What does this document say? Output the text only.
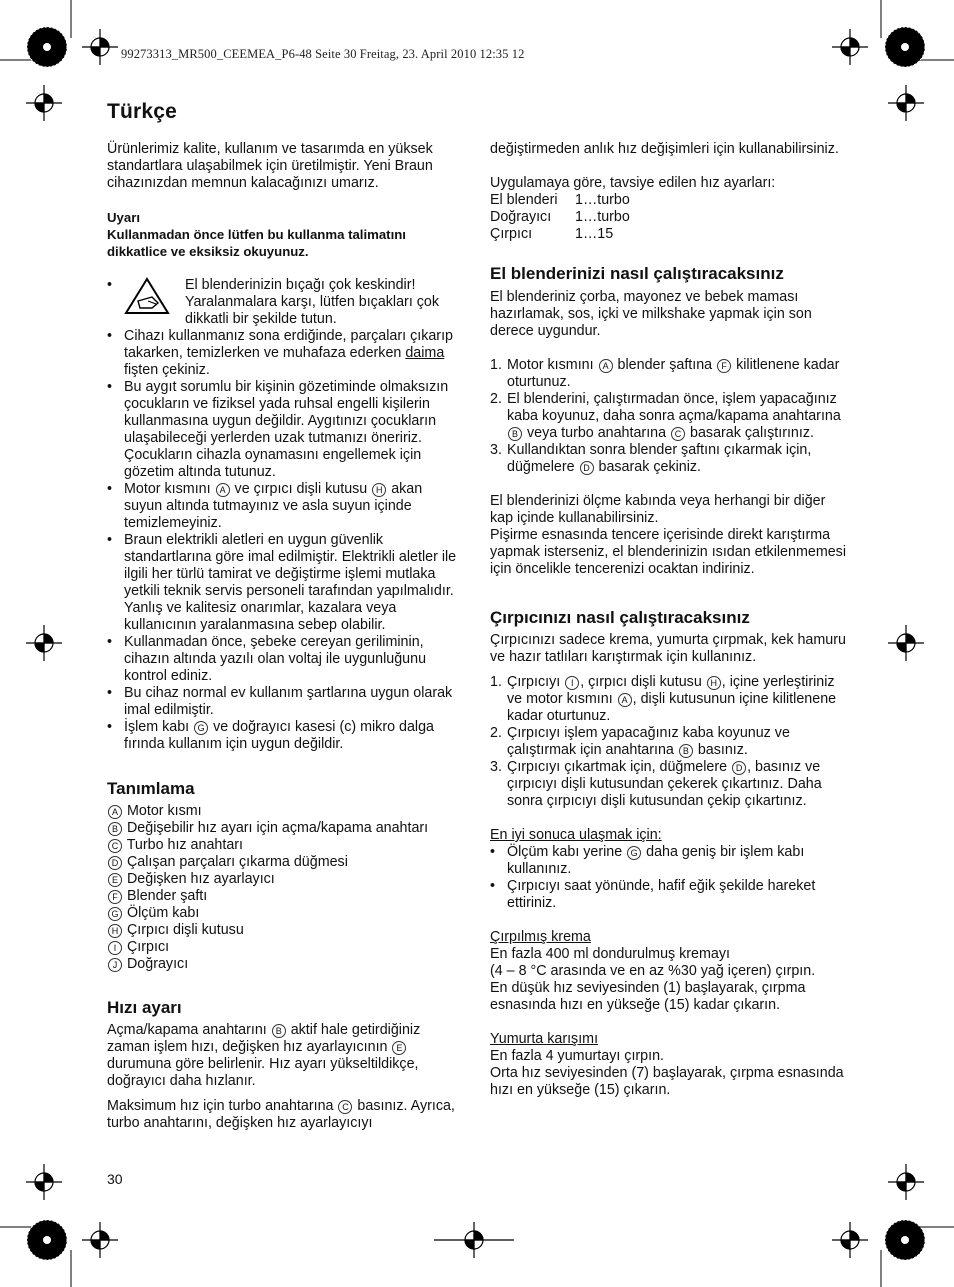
99273313_MR500_CEEMEA_P6-48 Seite 30 Freitag, 23. April 2010 12:35 12
Türkçe

Ürünlerimiz kalite, kullanım ve tasarımda en yüksek standartlara ulaşabilmek için üretilmiştir. Yeni Braun cihazınızdan memnun kalacağınızı umarız.

Uyarı

Kullanmadan önce lütfen bu kullanma talimatını dikkatlice ve eksiksiz okuyunuz.

• El blenderinizin bıçağı çok keskindir! Yaralanmalara karşı, lütfen bıçakları çok dikkatli bir şekilde tutun.
• Cihazı kullanmanız sona erdiğinde, parçaları çıkarıp takarken, temizlerken ve muhafaza ederken daima fişten çekiniz.
• Bu aygıt sorumlu bir kişinin gözetiminde olmaksızın çocukların ve fiziksel yada ruhsal engelli kişilerin kullanmasına uygun değildir. Aygıtınızı çocukların ulaşabileceği yerlerden uzak tutmanızı öneririz. Çocukların cihazla oynamasını engellemek için gözetim altında tutunuz.
• Motor kısmını A ve çırpıcı dişli kutusu H akan suyun altında tutmayınız ve asla suyun içinde temizlemeyiniz.
• Braun elektrikli aletleri en uygun güvenlik standartlarına göre imal edilmiştir. Elektrikli aletler ile ilgili her türlü tamirat ve değiştirme işlemi mutlaka yetkili teknik servis personeli tarafından yapılmalıdır. Yanlış ve kalitesiz onarımlar, kazalara veya kullanıcının yaralanmasına sebep olabilir.
• Kullanmadan önce, şebeke cereyan geriliminin, cihazın altında yazılı olan voltaj ile uygunluğunu kontrol ediniz.
• Bu cihaz normal ev kullanım şartlarına uygun olarak imal edilmiştir.
• İşlem kabı G ve doğrayıcı kasesi (c) mikro dalga fırında kullanım için uygun değildir.
Tanımlama
A Motor kısmı
B Değişebilir hız ayarı için açma/kapama anahtarı
C Turbo hız anahtarı
D Çalışan parçaları çıkarma düğmesi
E Değişken hız ayarlayıcı
F Blender şaftı
G Ölçüm kabı
H Çırpıcı dişli kutusu
I Çırpıcı
J Doğrayıcı
Hızı ayarı

Açma/kapama anahtarını B aktif hale getirdiğiniz zaman işlem hızı, değişken hız ayarlayıcının E durumuna göre belirlenir. Hız ayarı yükseltildikçe, doğrayıcı daha hızlanır.

Maksimum hız için turbo anahtarına C basınız. Ayrıca, turbo anahtarını, değişken hız ayarlayıcıyı

değiştirmeden anlık hız değişimleri için kullanabilirsiniz.

Uygulamaya göre, tavsiye edilen hız ayarları:

El blenderi	1…turbo
Doğrayıcı	1…turbo
Çırpıcı	1…15
El blenderinizi nasıl çalıştıracaksınız

El blenderiniz çorba, mayonez ve bebek maması hazırlamak, sos, içki ve milkshake yapmak için son derece uygundur.

1. Motor kısmını A blender şaftına F kilitlenene kadar oturtunuz.
2. El blenderini, çalıştırmadan önce, işlem yapacağınız kaba koyunuz, daha sonra açma/kapama anahtarına B veya turbo anahtarına C basarak çalıştırınız.
3. Kullandıktan sonra blender şaftını çıkarmak için, düğmelere D basarak çekiniz.

El blenderinizi ölçme kabında veya herhangi bir diğer kap içinde kullanabilirsiniz.

Pişirme esnasında tencere içerisinde direkt karıştırma yapmak isterseniz, el blenderinizin ısıdan etkilenmemesi için öncelikle tencerenizi ocaktan indiriniz.

Çırpıcınızı nasıl çalıştıracaksınız

Çırpıcınızı sadece krema, yumurta çırpmak, kek hamuru ve hazır tatlıları karıştırmak için kullanınız.

1. Çırpıcıyı I , çırpıcı dişli kutusu H , içine yerleştiriniz ve motor kısmını A , dişli kutusunun içine kilitlenene kadar oturtunuz.
2. Çırpıcıyı işlem yapacağınız kaba koyunuz ve çalıştırmak için anahtarına B basınız.
3. Çırpıcıyı çıkartmak için, düğmelere D , basınız ve çırpıcıyı dişli kutusundan çekerek çıkartınız. Daha sonra çırpıcıyı dişli kutusundan çekip çıkartınız.

En iyi sonuca ulaşmak için:

• Ölçüm kabı yerine G daha geniş bir işlem kabı kullanınız.
• Çırpıcıyı saat yönünde, hafif eğik şekilde hareket ettiriniz.

Çırpılmış krema

En fazla 400 ml dondurulmuş kremayı

(4 – 8 °C arasında ve en az %30 yağ içeren) çırpın.

En düşük hız seviyesinden (1) başlayarak, çırpma esnasında hızı en yükseğe (15) kadar çıkarın.

Yumurta karışımı

En fazla 4 yumurtayı çırpın.

Orta hız seviyesinden (7) başlayarak, çırpma esnasında hızı en yükseğe (15) çıkarın.

30
